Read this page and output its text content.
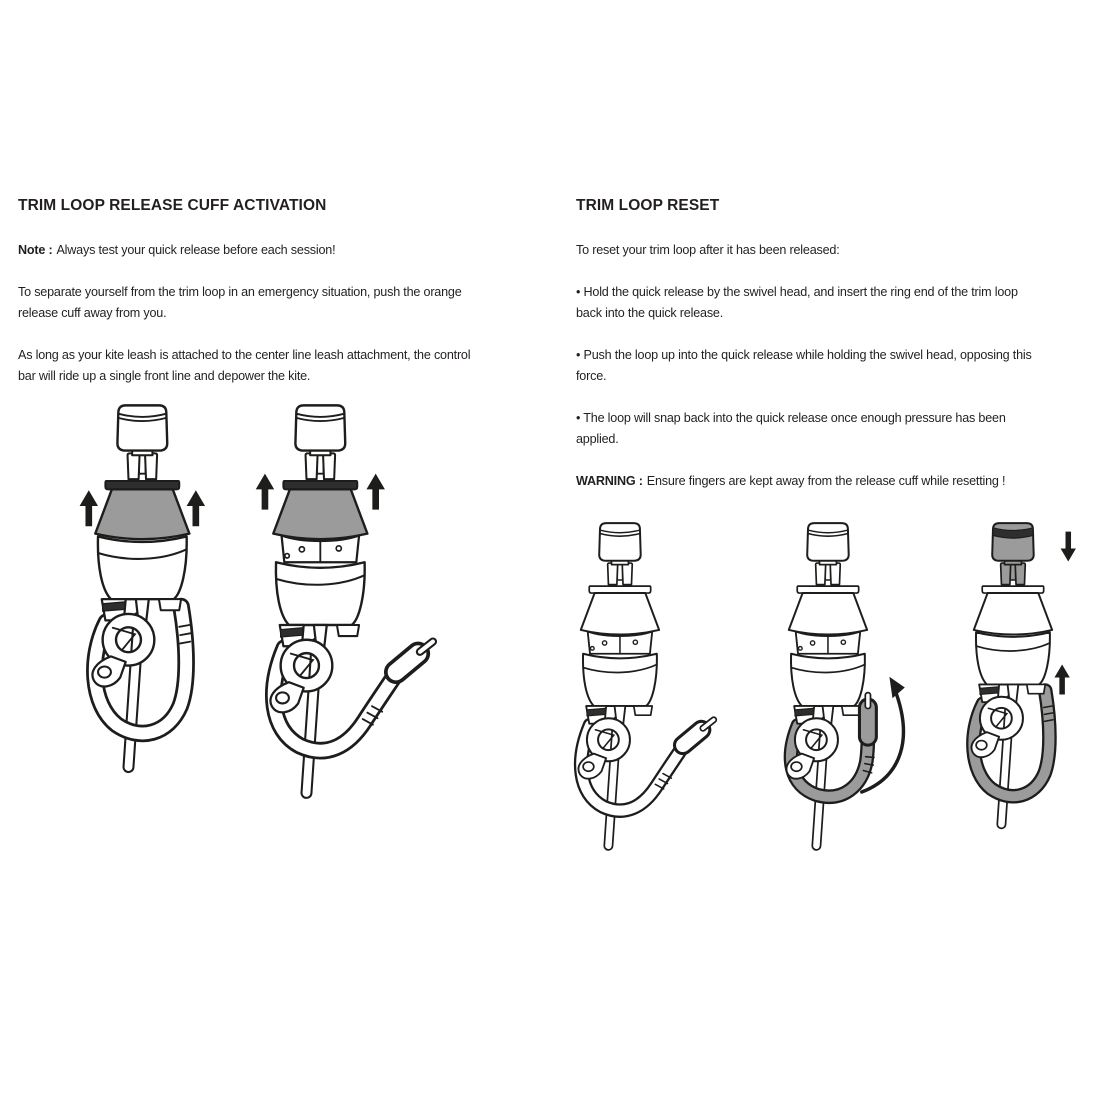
TRIM LOOP RELEASE CUFF ACTIVATION

Note : Always test your quick release before each session!

To separate yourself from the trim loop in an emergency situation, push the orange
release cuff away from you.

As long as your kite leash is attached to the center line leash attachment, the control
bar will ride up a single front line and depower the kite.

TRIM LOOP RESET

To reset your trim loop after it has been released:

• Hold the quick release by the swivel head, and insert the ring end of the trim loop
back into the quick release.

• Push the loop up into the quick release while holding the swivel head, opposing this
force.

• The loop will snap back into the quick release once enough pressure has been
applied.

WARNING : Ensure fingers are kept away from the release cuff while resetting !
